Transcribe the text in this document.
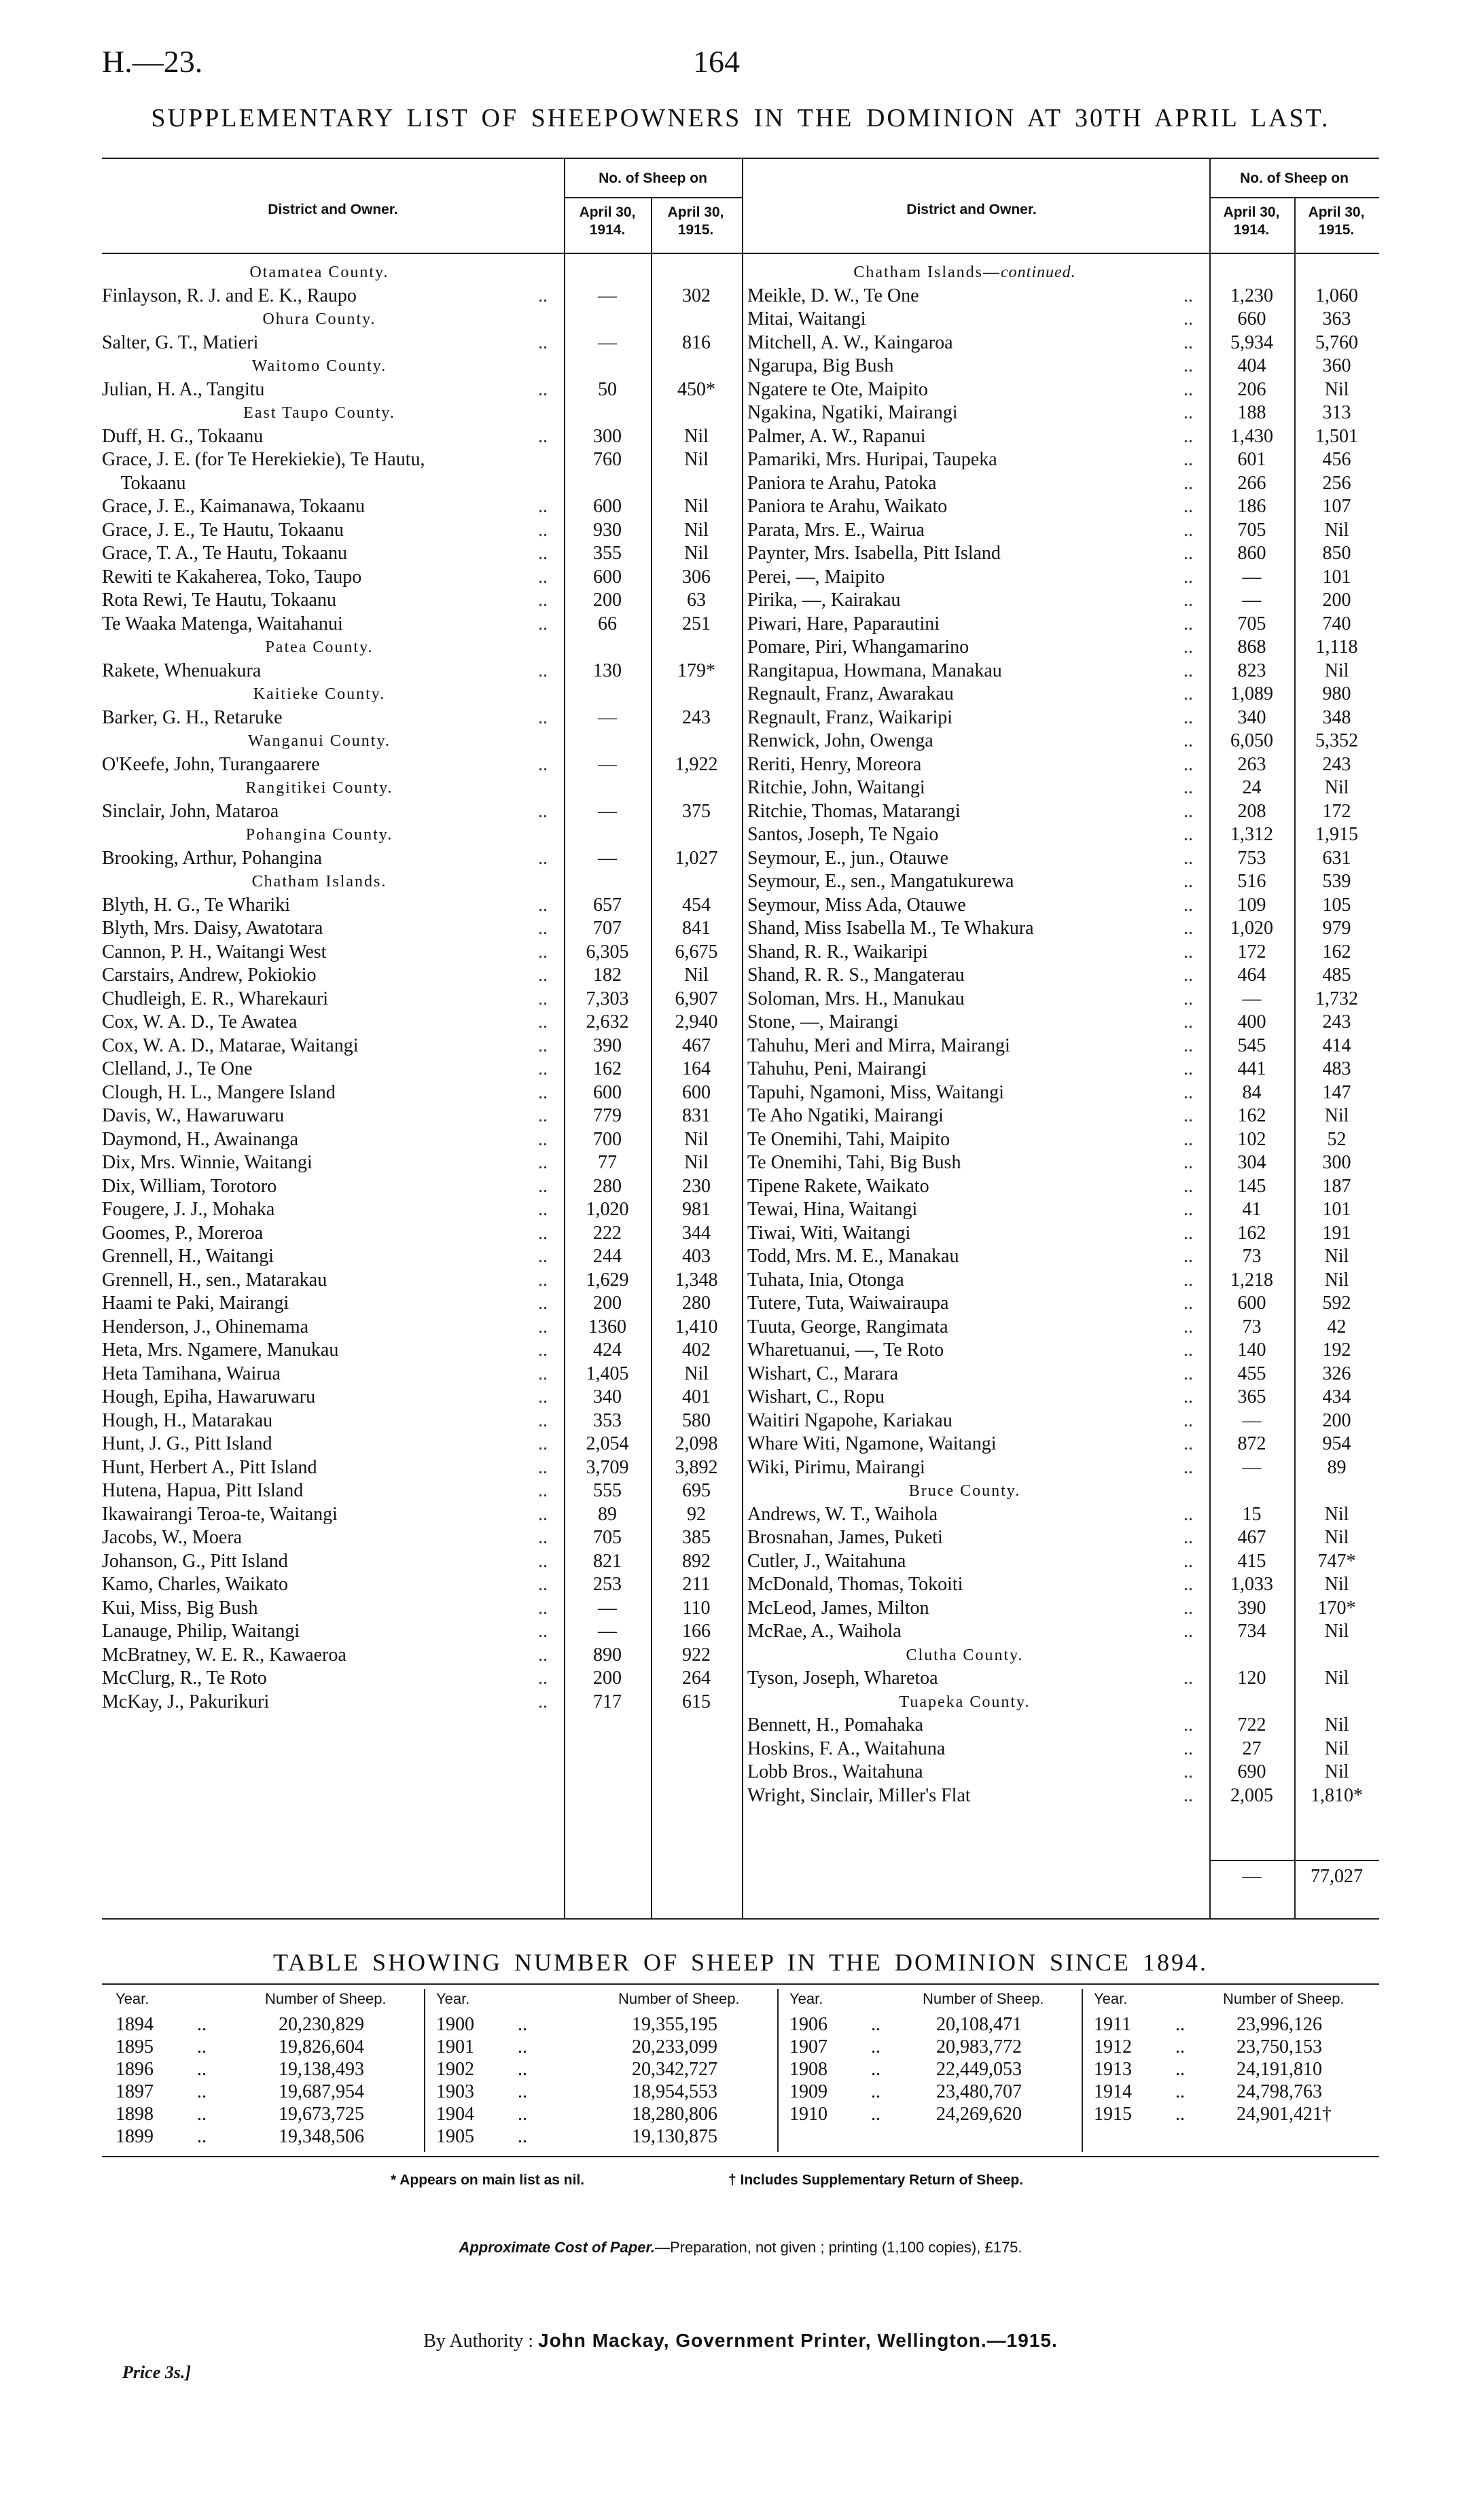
H.—23.	164
SUPPLEMENTARY LIST OF SHEEPOWNERS IN THE DOMINION AT 30TH APRIL LAST.
District and Owner.
No. of Sheep on
April 30, 1914.
April 30, 1915.
District and Owner.
No. of Sheep on
April 30, 1914.
April 30, 1915.
Otamatea County.
Finlayson, R. J. and E. K., Raupo	..	—	302
Ohura County.
Salter, G. T., Matieri	..	—	816
Waitomo County.
Julian, H. A., Tangitu	..	50	450*
East Taupo County.
Duff, H. G., Tokaanu	..	300	Nil
Grace, J. E. (for Te Herekiekie), Te Hautu,	760	Nil
Tokaanu
Grace, J. E., Kaimanawa, Tokaanu	..	600	Nil
Grace, J. E., Te Hautu, Tokaanu	..	930	Nil
Grace, T. A., Te Hautu, Tokaanu	..	355	Nil
Rewiti te Kakaherea, Toko, Taupo	..	600	306
Rota Rewi, Te Hautu, Tokaanu	..	200	63
Te Waaka Matenga, Waitahanui	..	66	251
Patea County.
Rakete, Whenuakura	..	130	179*
Kaitieke County.
Barker, G. H., Retaruke	..	—	243
Wanganui County.
O'Keefe, John, Turangaarere	..	—	1,922
Rangitikei County.
Sinclair, John, Mataroa	..	—	375
Pohangina County.
Brooking, Arthur, Pohangina	..	—	1,027
Chatham Islands.
Blyth, H. G., Te Whariki	..	657	454
Blyth, Mrs. Daisy, Awatotara	..	707	841
Cannon, P. H., Waitangi West	..	6,305	6,675
Carstairs, Andrew, Pokiokio	..	182	Nil
Chudleigh, E. R., Wharekauri	..	7,303	6,907
Cox, W. A. D., Te Awatea	..	2,632	2,940
Cox, W. A. D., Matarae, Waitangi	..	390	467
Clelland, J., Te One	..	162	164
Clough, H. L., Mangere Island	..	600	600
Davis, W., Hawaruwaru	..	779	831
Daymond, H., Awainanga	..	700	Nil
Dix, Mrs. Winnie, Waitangi	..	77	Nil
Dix, William, Torotoro	..	280	230
Fougere, J. J., Mohaka	..	1,020	981
Goomes, P., Moreroa	..	222	344
Grennell, H., Waitangi	..	244	403
Grennell, H., sen., Matarakau	..	1,629	1,348
Haami te Paki, Mairangi	..	200	280
Henderson, J., Ohinemama	..	1360	1,410
Heta, Mrs. Ngamere, Manukau	..	424	402
Heta Tamihana, Wairua	..	1,405	Nil
Hough, Epiha, Hawaruwaru	..	340	401
Hough, H., Matarakau	..	353	580
Hunt, J. G., Pitt Island	..	2,054	2,098
Hunt, Herbert A., Pitt Island	..	3,709	3,892
Hutena, Hapua, Pitt Island	..	555	695
Ikawairangi Teroa-te, Waitangi	..	89	92
Jacobs, W., Moera	..	705	385
Johanson, G., Pitt Island	..	821	892
Kamo, Charles, Waikato	..	253	211
Kui, Miss, Big Bush	..	—	110
Lanauge, Philip, Waitangi	..	—	166
McBratney, W. E. R., Kawaeroa	..	890	922
McClurg, R., Te Roto	..	200	264
McKay, J., Pakurikuri	..	717	615
Chatham Islands—continued.
Meikle, D. W., Te One	..	1,230	1,060
Mitai, Waitangi	..	660	363
Mitchell, A. W., Kaingaroa	..	5,934	5,760
Ngarupa, Big Bush	..	404	360
Ngatere te Ote, Maipito	..	206	Nil
Ngakina, Ngatiki, Mairangi	..	188	313
Palmer, A. W., Rapanui	..	1,430	1,501
Pamariki, Mrs. Huripai, Taupeka	..	601	456
Paniora te Arahu, Patoka	..	266	256
Paniora te Arahu, Waikato	..	186	107
Parata, Mrs. E., Wairua	..	705	Nil
Paynter, Mrs. Isabella, Pitt Island	..	860	850
Perei, —, Maipito	..	—	101
Pirika, —, Kairakau	..	—	200
Piwari, Hare, Paparautini	..	705	740
Pomare, Piri, Whangamarino	..	868	1,118
Rangitapua, Howmana, Manakau	..	823	Nil
Regnault, Franz, Awarakau	..	1,089	980
Regnault, Franz, Waikaripi	..	340	348
Renwick, John, Owenga	..	6,050	5,352
Reriti, Henry, Moreora	..	263	243
Ritchie, John, Waitangi	..	24	Nil
Ritchie, Thomas, Matarangi	..	208	172
Santos, Joseph, Te Ngaio	..	1,312	1,915
Seymour, E., jun., Otauwe	..	753	631
Seymour, E., sen., Mangatukurewa	..	516	539
Seymour, Miss Ada, Otauwe	..	109	105
Shand, Miss Isabella M., Te Whakura	..	1,020	979
Shand, R. R., Waikaripi	..	172	162
Shand, R. R. S., Mangaterau	..	464	485
Soloman, Mrs. H., Manukau	..	—	1,732
Stone, —, Mairangi	..	400	243
Tahuhu, Meri and Mirra, Mairangi	..	545	414
Tahuhu, Peni, Mairangi	..	441	483
Tapuhi, Ngamoni, Miss, Waitangi	..	84	147
Te Aho Ngatiki, Mairangi	..	162	Nil
Te Onemihi, Tahi, Maipito	..	102	52
Te Onemihi, Tahi, Big Bush	..	304	300
Tipene Rakete, Waikato	..	145	187
Tewai, Hina, Waitangi	..	41	101
Tiwai, Witi, Waitangi	..	162	191
Todd, Mrs. M. E., Manakau	..	73	Nil
Tuhata, Inia, Otonga	..	1,218	Nil
Tutere, Tuta, Waiwairaupa	..	600	592
Tuuta, George, Rangimata	..	73	42
Wharetuanui, —, Te Roto	..	140	192
Wishart, C., Marara	..	455	326
Wishart, C., Ropu	..	365	434
Waitiri Ngapohe, Kariakau	..	—	200
Whare Witi, Ngamone, Waitangi	..	872	954
Wiki, Pirimu, Mairangi	..	—	89
Bruce County.
Andrews, W. T., Waihola	..	15	Nil
Brosnahan, James, Puketi	..	467	Nil
Cutler, J., Waitahuna	..	415	747*
McDonald, Thomas, Tokoiti	..	1,033	Nil
McLeod, James, Milton	..	390	170*
McRae, A., Waihola	..	734	Nil
Clutha County.
Tyson, Joseph, Wharetoa	..	120	Nil
Tuapeka County.
Bennett, H., Pomahaka	..	722	Nil
Hoskins, F. A., Waitahuna	..	27	Nil
Lobb Bros., Waitahuna	..	690	Nil
Wright, Sinclair, Miller's Flat	..	2,005	1,810*
—	77,027
TABLE SHOWING NUMBER OF SHEEP IN THE DOMINION SINCE 1894.
Year.	Number of Sheep.
1894 ..	20,230,829
1895 ..	19,826,604
1896 ..	19,138,493
1897 ..	19,687,954
1898 ..	19,673,725
1899 ..	19,348,506
Year.	Number of Sheep.
1900 ..	19,355,195
1901 ..	20,233,099
1902 ..	20,342,727
1903 ..	18,954,553
1904 ..	18,280,806
1905 ..	19,130,875
Year.	Number of Sheep.
1906 ..	20,108,471
1907 ..	20,983,772
1908 ..	22,449,053
1909 ..	23,480,707
1910 ..	24,269,620
Year.	Number of Sheep.
1911 ..	23,996,126
1912 ..	23,750,153
1913 ..	24,191,810
1914 ..	24,798,763
1915 ..	24,901,421†
* Appears on main list as nil.	† Includes Supplementary Return of Sheep.
Approximate Cost of Paper.—Preparation, not given ; printing (1,100 copies), £175.
By Authority : John Mackay, Government Printer, Wellington.—1915.
Price 3s.]
